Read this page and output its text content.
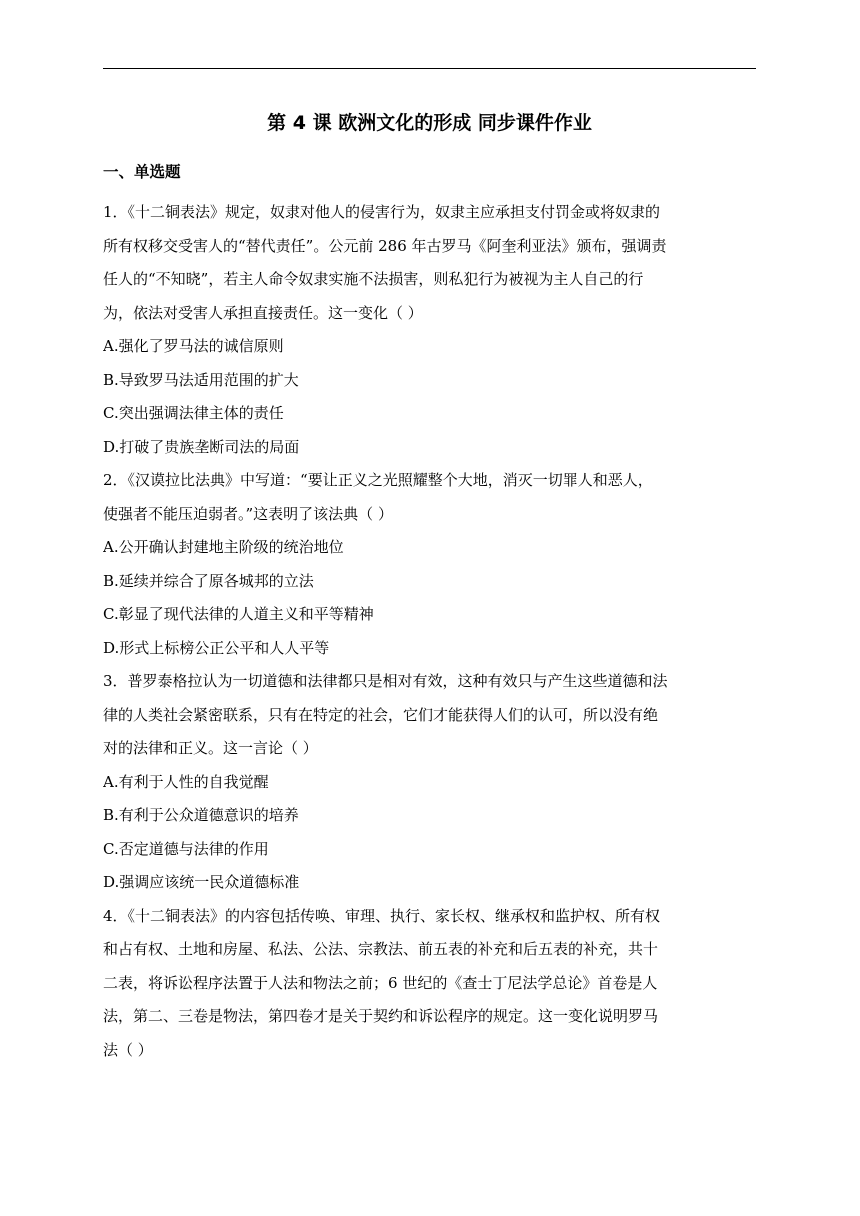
第 4 课 欧洲文化的形成 同步课件作业
一、单选题
1．《十二铜表法》规定，奴隶对他人的侵害行为，奴隶主应承担支付罚金或将奴隶的
所有权移交受害人的“替代责任”。公元前 286 年古罗马《阿奎利亚法》颁布，强调责
任人的“不知晓”，若主人命令奴隶实施不法损害，则私犯行为被视为主人自己的行
为，依法对受害人承担直接责任。这一变化（ ）
A.强化了罗马法的诚信原则
B.导致罗马法适用范围的扩大
C.突出强调法律主体的责任
D.打破了贵族垄断司法的局面
2．《汉谟拉比法典》中写道：“要让正义之光照耀整个大地，消灭一切罪人和恶人，
使强者不能压迫弱者。”这表明了该法典（ ）
A.公开确认封建地主阶级的统治地位
B.延续并综合了原各城邦的立法
C.彰显了现代法律的人道主义和平等精神
D.形式上标榜公正公平和人人平等
3．普罗泰格拉认为一切道德和法律都只是相对有效，这种有效只与产生这些道德和法
律的人类社会紧密联系，只有在特定的社会，它们才能获得人们的认可，所以没有绝
对的法律和正义。这一言论（ ）
A.有利于人性的自我觉醒
B.有利于公众道德意识的培养
C.否定道德与法律的作用
D.强调应该统一民众道德标准
4．《十二铜表法》的内容包括传唤、审理、执行、家长权、继承权和监护权、所有权
和占有权、土地和房屋、私法、公法、宗教法、前五表的补充和后五表的补充，共十
二表，将诉讼程序法置于人法和物法之前；6 世纪的《查士丁尼法学总论》首卷是人
法，第二、三卷是物法，第四卷才是关于契约和诉讼程序的规定。这一变化说明罗马
法（ ）
